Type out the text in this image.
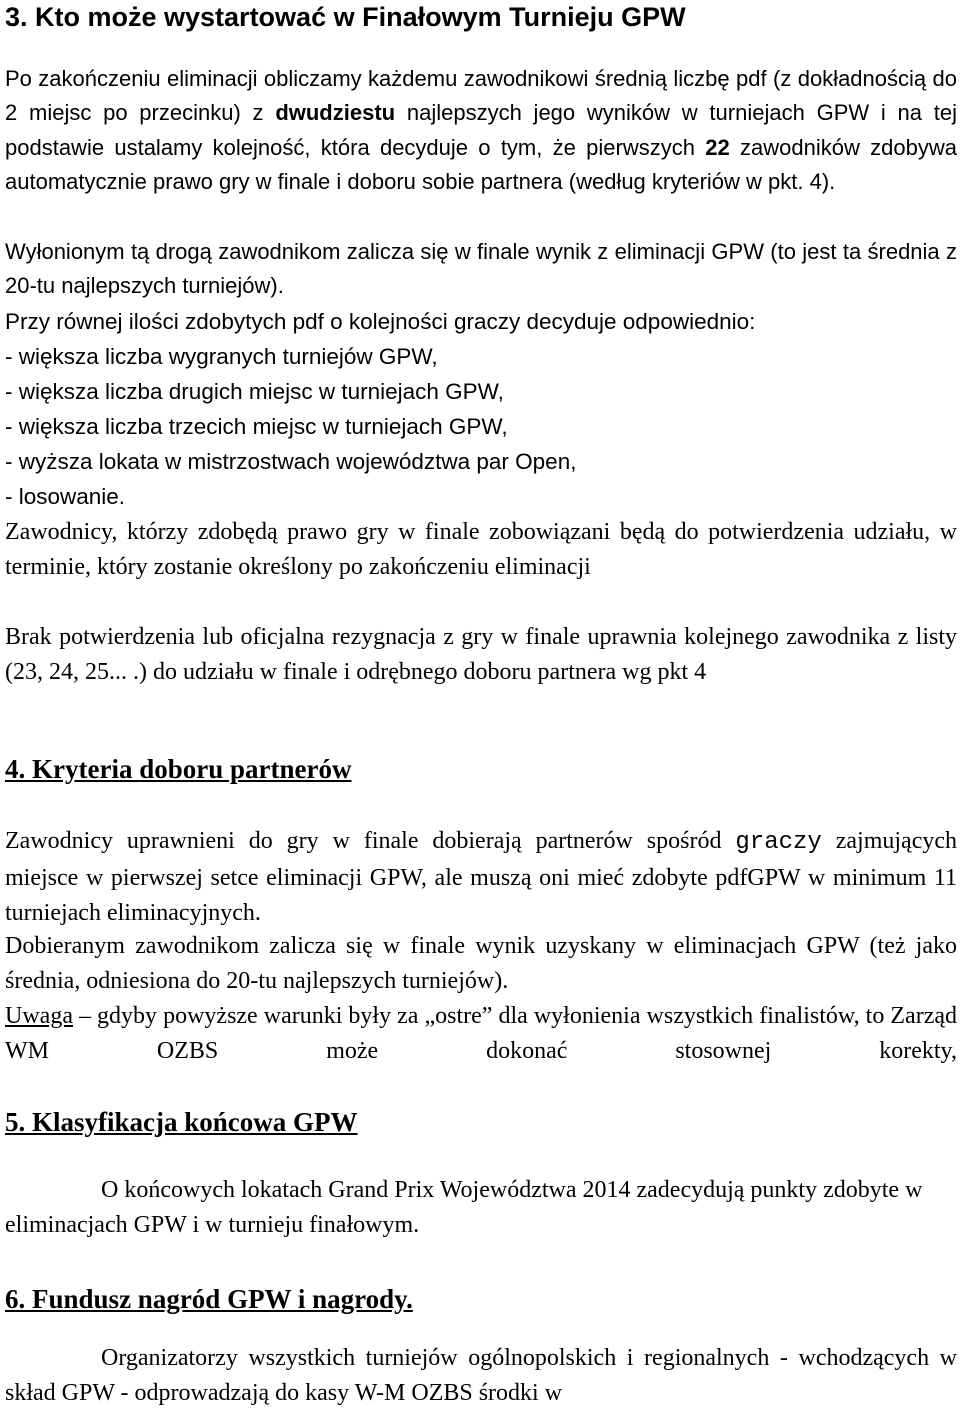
3. Kto może wystartować w Finałowym Turnieju GPW

Po zakończeniu eliminacji obliczamy każdemu zawodnikowi średnią liczbę pdf (z dokładnością do 2 miejsc po przecinku) z dwudziestu najlepszych jego wyników w turniejach GPW i na tej podstawie ustalamy kolejność, która decyduje o tym, że pierwszych 22 zawodników zdobywa automatycznie prawo gry w finale i doboru sobie partnera (według kryteriów w pkt. 4).

Wyłonionym tą drogą zawodnikom zalicza się w finale wynik z eliminacji GPW (to jest ta średnia z 20-tu najlepszych turniejów).

Przy równej ilości zdobytych pdf o kolejności graczy decyduje odpowiednio:
- większa liczba wygranych turniejów GPW,
- większa liczba drugich miejsc w turniejach GPW,
- większa liczba trzecich miejsc w turniejach GPW,
- wyższa lokata w mistrzostwach województwa par Open,
- losowanie.

Zawodnicy, którzy zdobędą prawo gry w finale zobowiązani będą do potwierdzenia udziału, w terminie, który zostanie określony po zakończeniu eliminacji

Brak potwierdzenia lub oficjalna rezygnacja z gry w finale uprawnia kolejnego zawodnika z listy (23, 24, 25... .) do udziału w finale i odrębnego doboru partnera wg pkt 4

4. Kryteria doboru partnerów

Zawodnicy uprawnieni do gry w finale dobierają partnerów spośród graczy zajmujących miejsce w pierwszej setce eliminacji GPW, ale muszą oni mieć zdobyte pdfGPW w minimum 11 turniejach eliminacyjnych.

Dobieranym zawodnikom zalicza się w finale wynik uzyskany w eliminacjach GPW (też jako średnia, odniesiona do 20-tu najlepszych turniejów).

Uwaga – gdyby powyższe warunki były za „ostre” dla wyłonienia wszystkich finalistów, to Zarząd WM OZBS może dokonać stosownej korekty,

5. Klasyfikacja końcowa GPW

O końcowych lokatach Grand Prix Województwa 2014 zadecydują punkty zdobyte w eliminacjach GPW i w turnieju finałowym.

6. Fundusz nagród GPW i nagrody.

Organizatorzy wszystkich turniejów ogólnopolskich i regionalnych - wchodzących w skład GPW - odprowadzają do kasy W-M OZBS środki w
